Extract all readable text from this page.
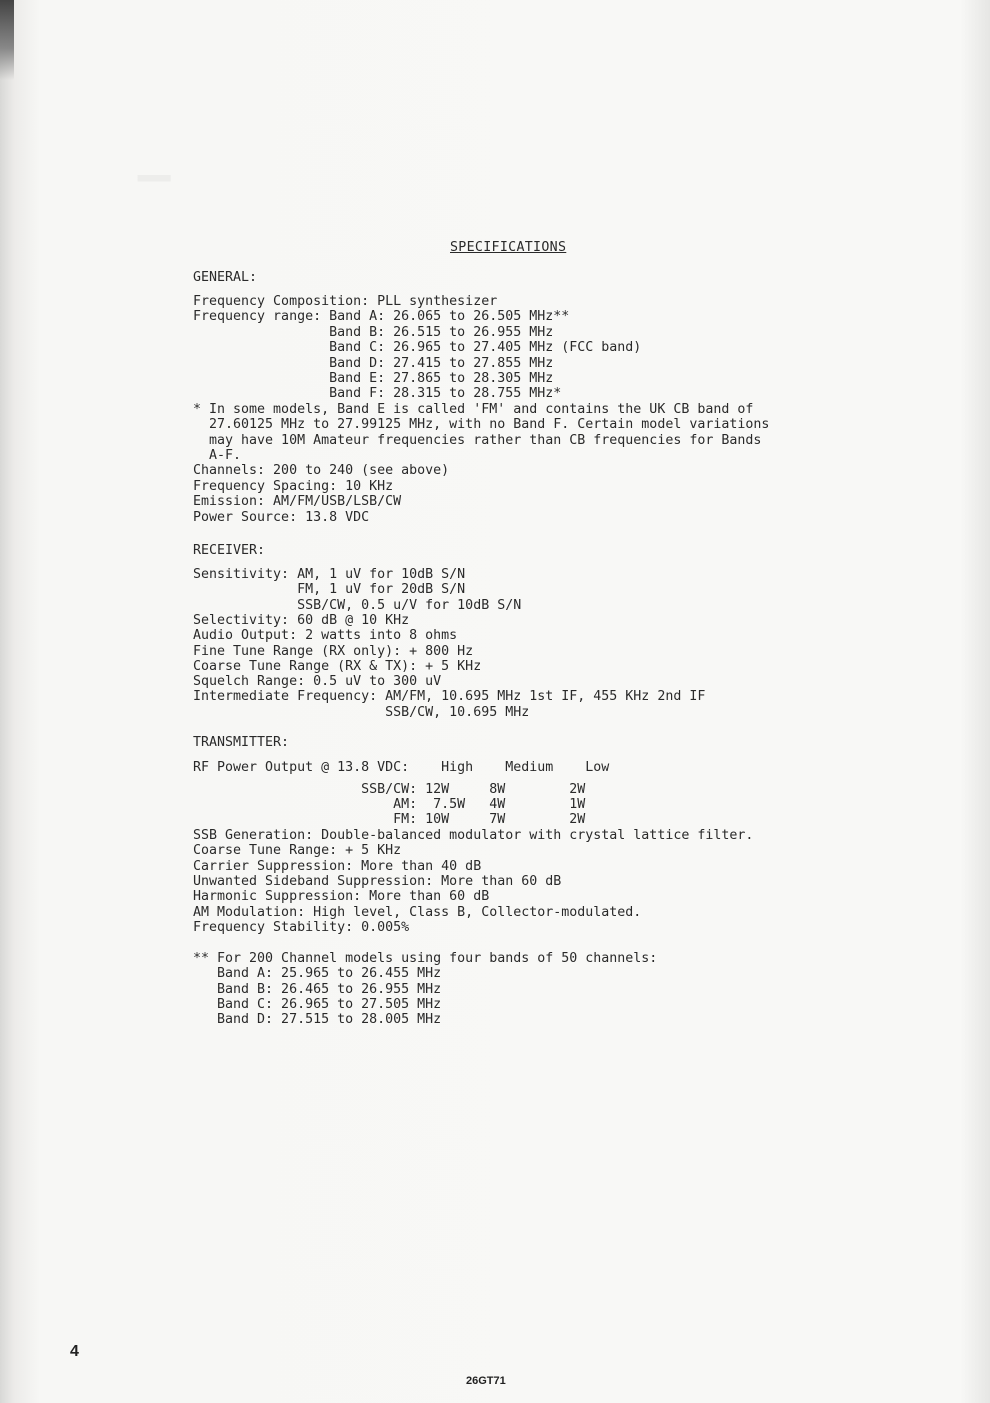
▁
SPECIFICATIONS
GENERAL:
Frequency Composition: PLL synthesizer
Frequency range: Band A: 26.065 to 26.505 MHz**
Band B: 26.515 to 26.955 MHz
Band C: 26.965 to 27.405 MHz (FCC band)
Band D: 27.415 to 27.855 MHz
Band E: 27.865 to 28.305 MHz
Band F: 28.315 to 28.755 MHz*
* In some models, Band E is called 'FM' and contains the UK CB band of
27.60125 MHz to 27.99125 MHz, with no Band F. Certain model variations
may have 10M Amateur frequencies rather than CB frequencies for Bands
A-F.
Channels: 200 to 240 (see above)
Frequency Spacing: 10 KHz
Emission: AM/FM/USB/LSB/CW
Power Source: 13.8 VDC
RECEIVER:
Sensitivity: AM, 1 uV for 10dB S/N
FM, 1 uV for 20dB S/N
SSB/CW, 0.5 u/V for 10dB S/N
Selectivity: 60 dB @ 10 KHz
Audio Output: 2 watts into 8 ohms
Fine Tune Range (RX only): + 800 Hz
Coarse Tune Range (RX & TX): + 5 KHz
Squelch Range: 0.5 uV to 300 uV
Intermediate Frequency: AM/FM, 10.695 MHz 1st IF, 455 KHz 2nd IF
SSB/CW, 10.695 MHz
TRANSMITTER:
RF Power Output @ 13.8 VDC:    High    Medium    Low
SSB/CW: 12W     8W        2W
AM:  7.5W   4W        1W
FM: 10W     7W        2W
SSB Generation: Double-balanced modulator with crystal lattice filter.
Coarse Tune Range: + 5 KHz
Carrier Suppression: More than 40 dB
Unwanted Sideband Suppression: More than 60 dB
Harmonic Suppression: More than 60 dB
AM Modulation: High level, Class B, Collector-modulated.
Frequency Stability: 0.005%
** For 200 Channel models using four bands of 50 channels:
Band A: 25.965 to 26.455 MHz
Band B: 26.465 to 26.955 MHz
Band C: 26.965 to 27.505 MHz
Band D: 27.515 to 28.005 MHz
4
26GT71
